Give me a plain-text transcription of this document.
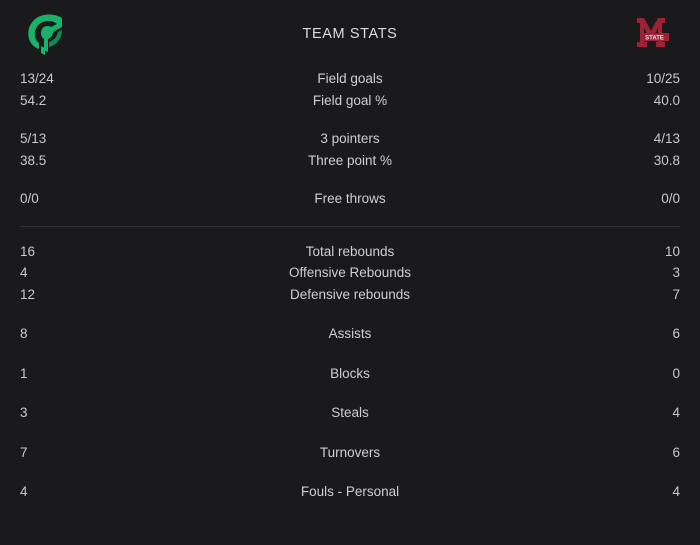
TEAM STATS	STATE
13/24	Field goals	10/25
54.2	Field goal %	40.0
5/13	3 pointers	4/13
38.5	Three point %	30.8
0/0	Free throws	0/0
16	Total rebounds	10
4	Offensive Rebounds	3
12	Defensive rebounds	7
8	Assists	6
1	Blocks	0
3	Steals	4
7	Turnovers	6
4	Fouls - Personal	4
